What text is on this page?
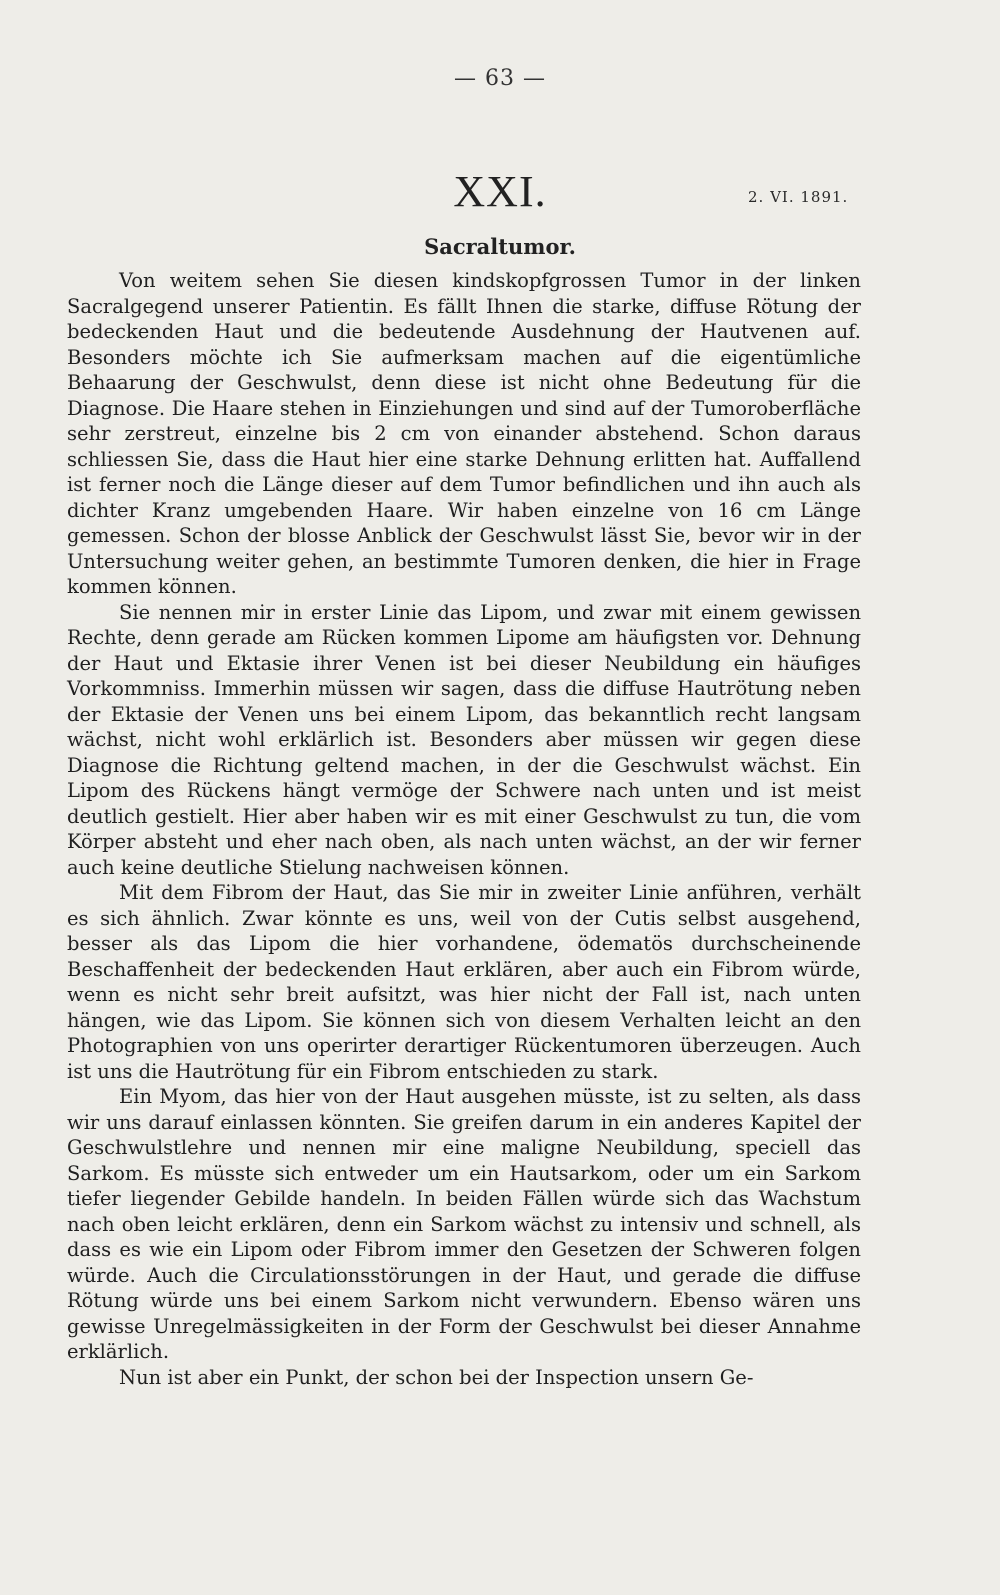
— 63 —
XXI.	2. VI. 1891.
Sacraltumor.

Von weitem sehen Sie diesen kindskopfgrossen Tumor in der linken Sacralgegend unserer Patientin. Es fällt Ihnen die starke, diffuse Rötung der bedeckenden Haut und die bedeutende Ausdehnung der Hautvenen auf. Besonders möchte ich Sie aufmerksam machen auf die eigentümliche Behaarung der Geschwulst, denn diese ist nicht ohne Bedeutung für die Diagnose. Die Haare stehen in Einziehungen und sind auf der Tumoroberfläche sehr zerstreut, einzelne bis 2 cm von einander abstehend. Schon daraus schliessen Sie, dass die Haut hier eine starke Dehnung erlitten hat. Auffallend ist ferner noch die Länge dieser auf dem Tumor befindlichen und ihn auch als dichter Kranz umgebenden Haare. Wir haben einzelne von 16 cm Länge gemessen. Schon der blosse Anblick der Geschwulst lässt Sie, bevor wir in der Untersuchung weiter gehen, an bestimmte Tumoren denken, die hier in Frage kommen können.

Sie nennen mir in erster Linie das Lipom, und zwar mit einem gewissen Rechte, denn gerade am Rücken kommen Lipome am häufigsten vor. Dehnung der Haut und Ektasie ihrer Venen ist bei dieser Neubildung ein häufiges Vorkommniss. Immerhin müssen wir sagen, dass die diffuse Hautrötung neben der Ektasie der Venen uns bei einem Lipom, das bekanntlich recht langsam wächst, nicht wohl erklärlich ist. Besonders aber müssen wir gegen diese Diagnose die Richtung geltend machen, in der die Geschwulst wächst. Ein Lipom des Rückens hängt vermöge der Schwere nach unten und ist meist deutlich gestielt. Hier aber haben wir es mit einer Geschwulst zu tun, die vom Körper absteht und eher nach oben, als nach unten wächst, an der wir ferner auch keine deutliche Stielung nachweisen können.

Mit dem Fibrom der Haut, das Sie mir in zweiter Linie anführen, verhält es sich ähnlich. Zwar könnte es uns, weil von der Cutis selbst ausgehend, besser als das Lipom die hier vorhandene, ödematös durchscheinende Beschaffenheit der bedeckenden Haut erklären, aber auch ein Fibrom würde, wenn es nicht sehr breit aufsitzt, was hier nicht der Fall ist, nach unten hängen, wie das Lipom. Sie können sich von diesem Verhalten leicht an den Photographien von uns operirter derartiger Rückentumoren überzeugen. Auch ist uns die Hautrötung für ein Fibrom entschieden zu stark.

Ein Myom, das hier von der Haut ausgehen müsste, ist zu selten, als dass wir uns darauf einlassen könnten. Sie greifen darum in ein anderes Kapitel der Geschwulstlehre und nennen mir eine maligne Neubildung, speciell das Sarkom. Es müsste sich entweder um ein Hautsarkom, oder um ein Sarkom tiefer liegender Gebilde handeln. In beiden Fällen würde sich das Wachstum nach oben leicht erklären, denn ein Sarkom wächst zu intensiv und schnell, als dass es wie ein Lipom oder Fibrom immer den Gesetzen der Schweren folgen würde. Auch die Circulationsstörungen in der Haut, und gerade die diffuse Rötung würde uns bei einem Sarkom nicht verwundern. Ebenso wären uns gewisse Unregelmässigkeiten in der Form der Geschwulst bei dieser Annahme erklärlich.

Nun ist aber ein Punkt, der schon bei der Inspection unsern Ge-
